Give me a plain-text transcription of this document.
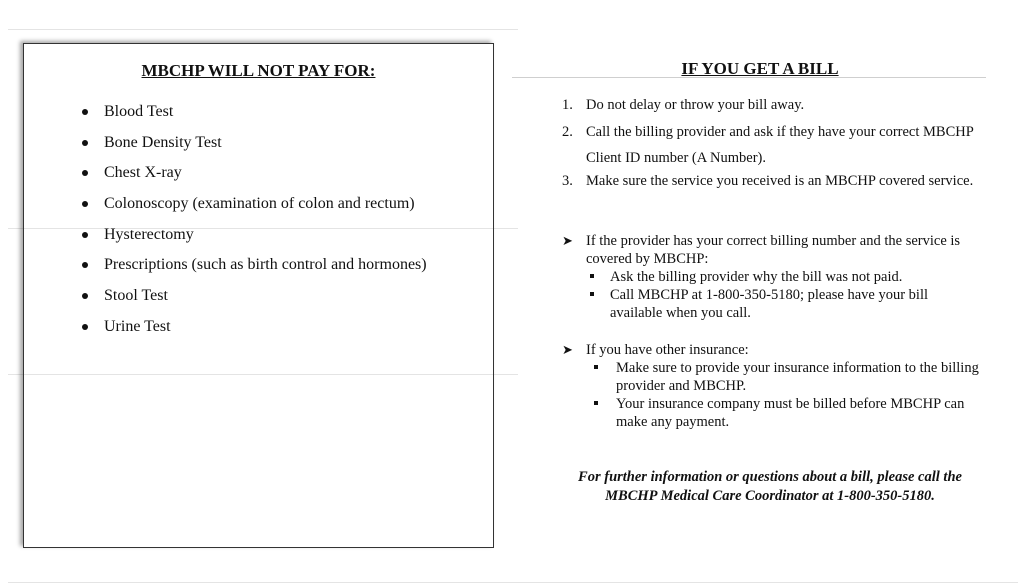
MBCHP WILL NOT PAY FOR:
Blood Test
Bone Density Test
Chest X-ray
Colonoscopy (examination of colon and rectum)
Hysterectomy
Prescriptions (such as birth control and hormones)
Stool Test
Urine Test
IF YOU GET A BILL
1. Do not delay or throw your bill away.
2. Call the billing provider and ask if they have your correct MBCHP Client ID number (A Number).
3. Make sure the service you received is an MBCHP covered service.
➤ If the provider has your correct billing number and the service is covered by MBCHP:
Ask the billing provider why the bill was not paid.
Call MBCHP at 1-800-350-5180; please have your bill available when you call.
➤ If you have other insurance:
Make sure to provide your insurance information to the billing provider and MBCHP.
Your insurance company must be billed before MBCHP can make any payment.
For further information or questions about a bill, please call the MBCHP Medical Care Coordinator at 1-800-350-5180.
